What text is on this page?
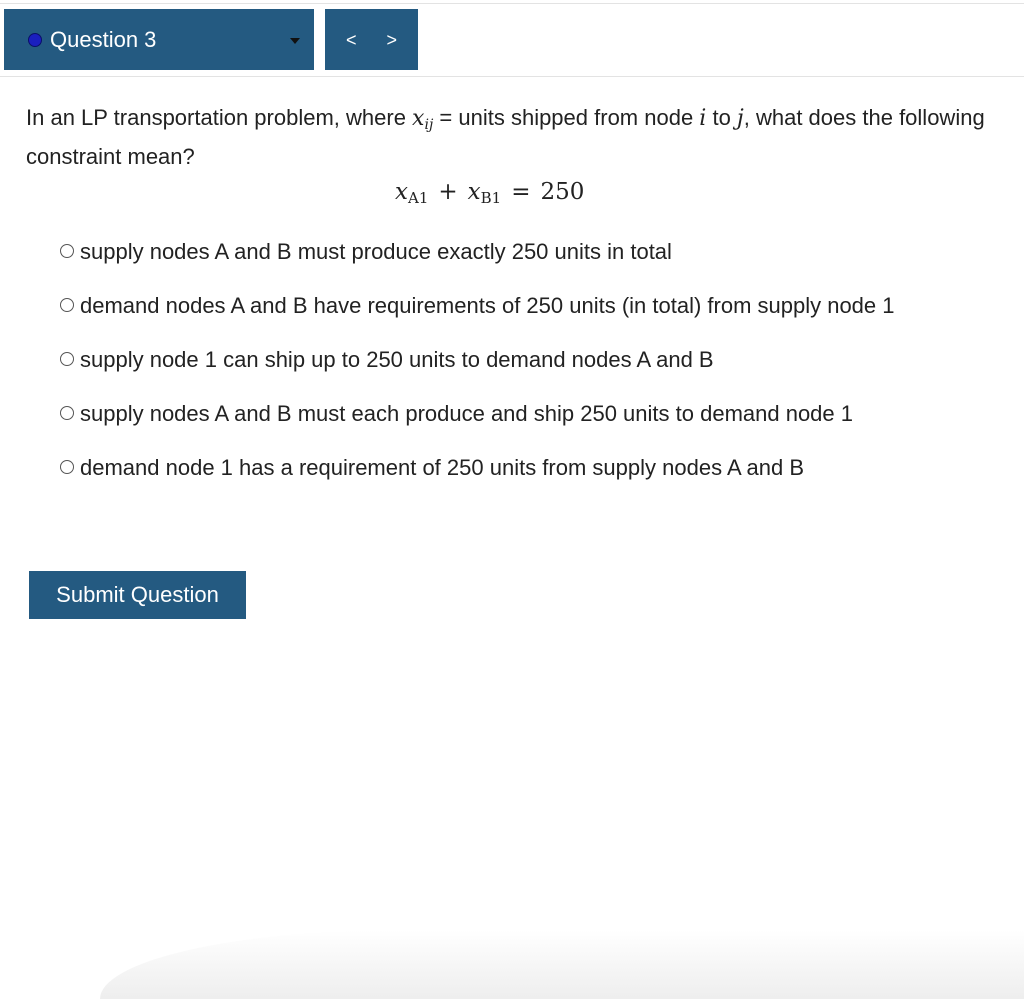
Question 3	< >
In an LP transportation problem, where $x_{ij}$ = units shipped from node i to j, what does the following constraint mean?
$x_{A1} + x_{B1} = 250$
supply nodes A and B must produce exactly 250 units in total
demand nodes A and B have requirements of 250 units (in total) from supply node 1
supply node 1 can ship up to 250 units to demand nodes A and B
supply nodes A and B must each produce and ship 250 units to demand node 1
demand node 1 has a requirement of 250 units from supply nodes A and B
Submit Question
